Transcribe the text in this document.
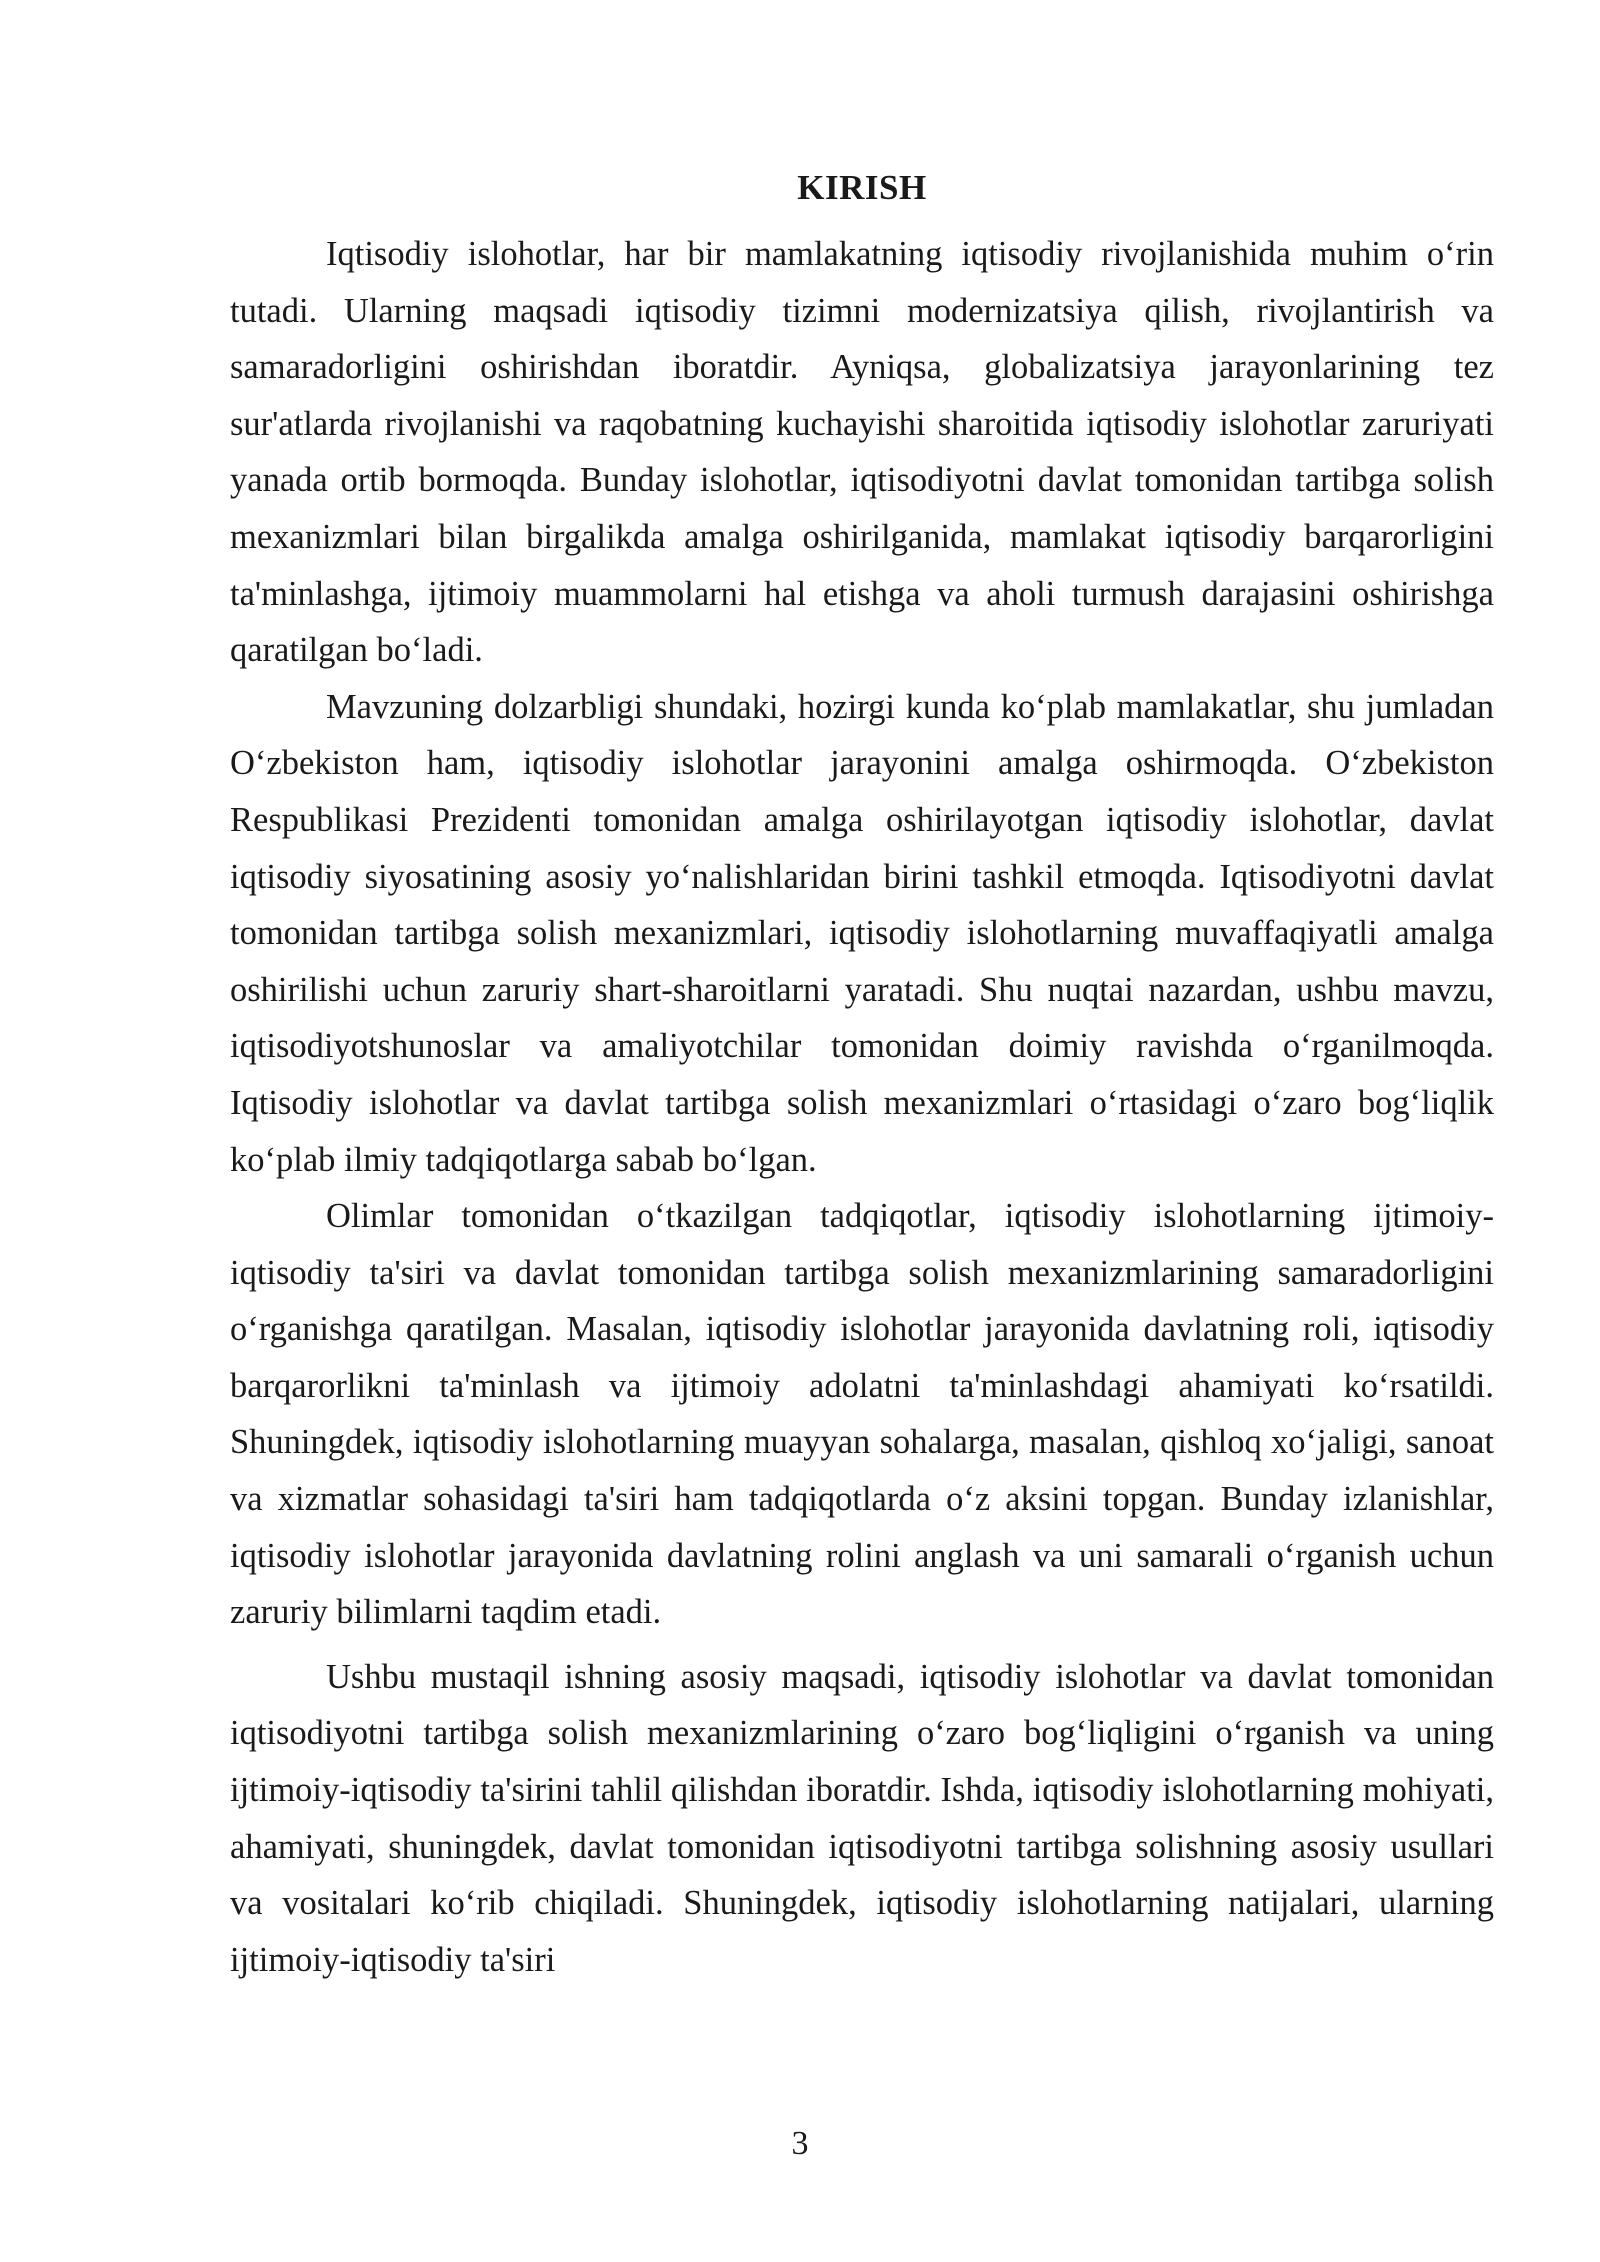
KIRISH

Iqtisodiy islohotlar, har bir mamlakatning iqtisodiy rivojlanishida muhim o‘rin tutadi. Ularning maqsadi iqtisodiy tizimni modernizatsiya qilish, rivojlantirish va samaradorligini oshirishdan iboratdir. Ayniqsa, globalizatsiya jarayonlarining tez sur'atlarda rivojlanishi va raqobatning kuchayishi sharoitida iqtisodiy islohotlar zaruriyati yanada ortib bormoqda. Bunday islohotlar, iqtisodiyotni davlat tomonidan tartibga solish mexanizmlari bilan birgalikda amalga oshirilganida, mamlakat iqtisodiy barqarorligini ta'minlashga, ijtimoiy muammolarni hal etishga va aholi turmush darajasini oshirishga qaratilgan bo‘ladi.

Mavzuning dolzarbligi shundaki, hozirgi kunda ko‘plab mamlakatlar, shu jumladan O‘zbekiston ham, iqtisodiy islohotlar jarayonini amalga oshirmoqda. O‘zbekiston Respublikasi Prezidenti tomonidan amalga oshirilayotgan iqtisodiy islohotlar, davlat iqtisodiy siyosatining asosiy yo‘nalishlaridan birini tashkil etmoqda. Iqtisodiyotni davlat tomonidan tartibga solish mexanizmlari, iqtisodiy islohotlarning muvaffaqiyatli amalga oshirilishi uchun zaruriy shart-sharoitlarni yaratadi. Shu nuqtai nazardan, ushbu mavzu, iqtisodiyotshunoslar va amaliyotchilar tomonidan doimiy ravishda o‘rganilmoqda. Iqtisodiy islohotlar va davlat tartibga solish mexanizmlari o‘rtasidagi o‘zaro bog‘liqlik ko‘plab ilmiy tadqiqotlarga sabab bo‘lgan.

Olimlar tomonidan o‘tkazilgan tadqiqotlar, iqtisodiy islohotlarning ijtimoiy-iqtisodiy ta'siri va davlat tomonidan tartibga solish mexanizmlarining samaradorligini o‘rganishga qaratilgan. Masalan, iqtisodiy islohotlar jarayonida davlatning roli, iqtisodiy barqarorlikni ta'minlash va ijtimoiy adolatni ta'minlashdagi ahamiyati ko‘rsatildi. Shuningdek, iqtisodiy islohotlarning muayyan sohalarga, masalan, qishloq xo‘jaligi, sanoat va xizmatlar sohasidagi ta'siri ham tadqiqotlarda o‘z aksini topgan. Bunday izlanishlar, iqtisodiy islohotlar jarayonida davlatning rolini anglash va uni samarali o‘rganish uchun zaruriy bilimlarni taqdim etadi.

Ushbu mustaqil ishning asosiy maqsadi, iqtisodiy islohotlar va davlat tomonidan iqtisodiyotni tartibga solish mexanizmlarining o‘zaro bog‘liqligini o‘rganish va uning ijtimoiy-iqtisodiy ta'sirini tahlil qilishdan iboratdir. Ishda, iqtisodiy islohotlarning mohiyati, ahamiyati, shuningdek, davlat tomonidan iqtisodiyotni tartibga solishning asosiy usullari va vositalari ko‘rib chiqiladi. Shuningdek, iqtisodiy islohotlarning natijalari, ularning ijtimoiy-iqtisodiy ta'siri

3
